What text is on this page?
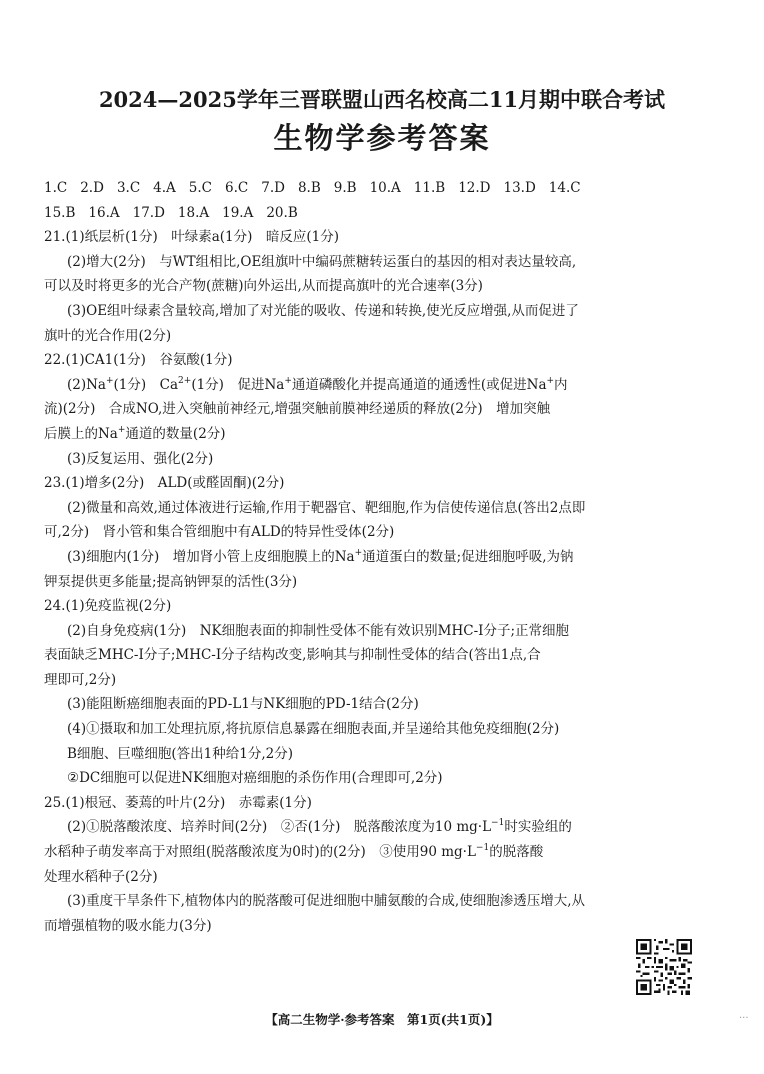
2024—2025学年三晋联盟山西名校高二11月期中联合考试
生物学参考答案
1.C 2.D 3.C 4.A 5.C 6.C 7.D 8.B 9.B 10.A 11.B 12.D 13.D 14.C
15.B 16.A 17.D 18.A 19.A 20.B
21.(1)纸层析(1分)　叶绿素a(1分)　暗反应(1分)
(2)增大(2分)　与WT组相比,OE组旗叶中编码蔗糖转运蛋白的基因的相对表达量较高,
可以及时将更多的光合产物(蔗糖)向外运出,从而提高旗叶的光合速率(3分)
(3)OE组叶绿素含量较高,增加了对光能的吸收、传递和转换,使光反应增强,从而促进了
旗叶的光合作用(2分)
22.(1)CA1(1分)　谷氨酸(1分)
(2)Na+(1分)　$Ca^{2+}(1$分)　促进Na+通道磷酸化并提高通道的通透性(或促进Na+内
流)(2分)　合成NO,进入突触前神经元,增强突触前膜神经递质的释放(2分)　增加突触
后膜上的Na+通道的数量(2分)
(3)反复运用、强化(2分)
23.(1)增多(2分)　ALD(或醛固酮)(2分)
(2)微量和高效,通过体液进行运输,作用于靶器官、靶细胞,作为信使传递信息(答出2点即
可,2分)　肾小管和集合管细胞中有ALD的特异性受体(2分)
(3)细胞内(1分)　增加肾小管上皮细胞膜上的Na+通道蛋白的数量;促进细胞呼吸,为钠
钾泵提供更多能量;提高钠钾泵的活性(3分)
24.(1)免疫监视(2分)
(2)自身免疫病(1分)　NK细胞表面的抑制性受体不能有效识别MHC-Ⅰ分子;正常细胞
表面缺乏MHC-Ⅰ分子;MHC-Ⅰ分子结构改变,影响其与抑制性受体的结合(答出1点,合
理即可,2分)
(3)能阻断癌细胞表面的PD-L1与NK细胞的PD-1结合(2分)
(4)①摄取和加工处理抗原,将抗原信息暴露在细胞表面,并呈递给其他免疫细胞(2分)
B细胞、巨噬细胞(答出1种给1分,2分)
②DC细胞可以促进NK细胞对癌细胞的杀伤作用(合理即可,2分)
25.(1)根冠、萎蔫的叶片(2分)　赤霉素(1分)
(2)①脱落酸浓度、培养时间(2分)　②否(1分)　脱落酸浓度为10 $mg\cdot L^{-1}$时实验组的
水稻种子萌发率高于对照组(脱落酸浓度为0时)的(2分)　③使用90 $mg\cdot L^{-1}$的脱落酸
处理水稻种子(2分)
(3)重度干旱条件下,植物体内的脱落酸可促进细胞中脯氨酸的合成,使细胞渗透压增大,从
而增强植物的吸水能力(3分)
【高二生物学·参考答案　第1页(共1页)】	...
